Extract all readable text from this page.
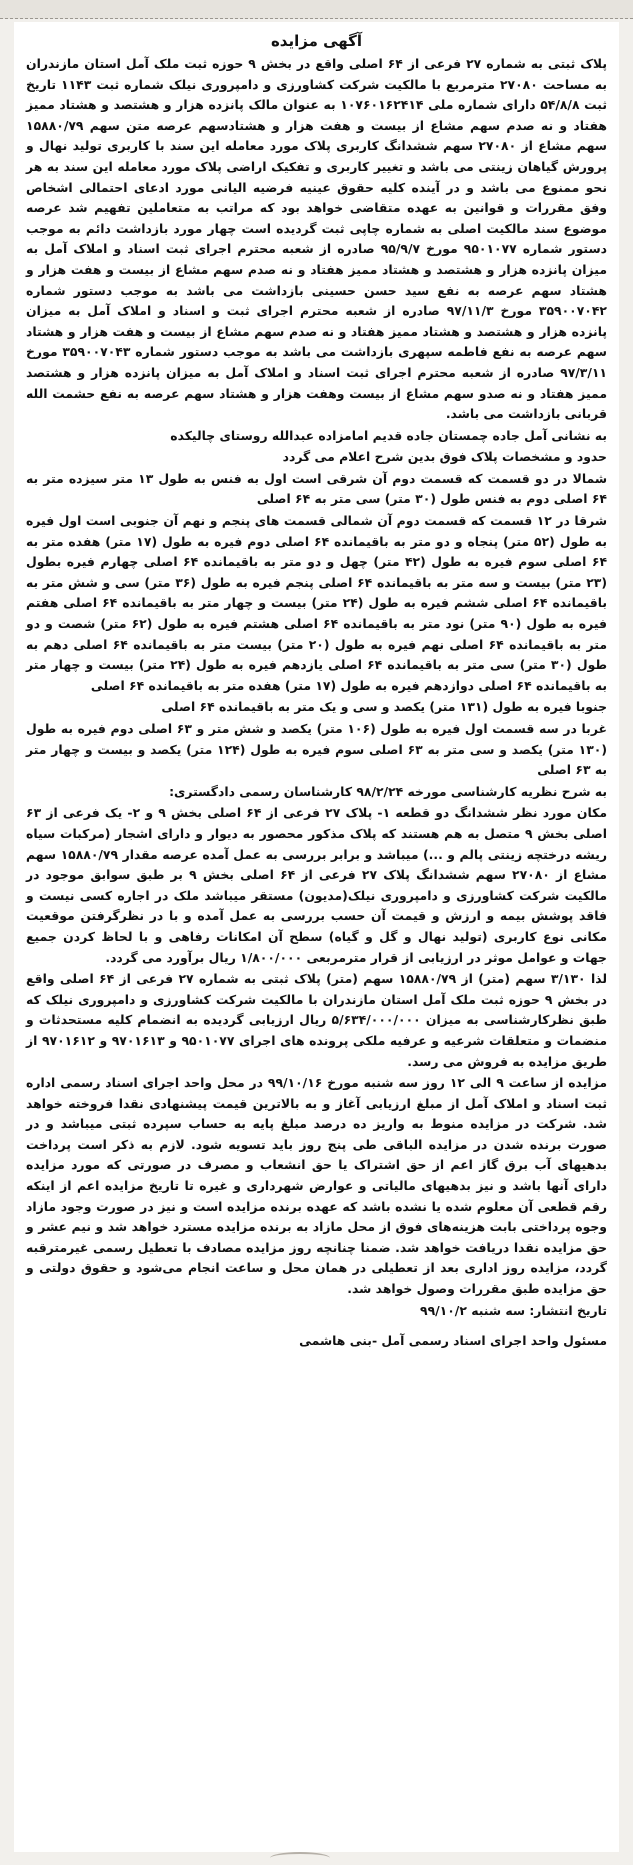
آگهی مزایده

پلاک ثبتی به شماره ۲۷ فرعی از ۶۴ اصلی واقع در بخش ۹ حوزه ثبت ملک آمل استان مازندران به مساحت ۲۷۰۸۰ مترمربع با مالکیت شرکت کشاورزی و دامپروری نیلک شماره ثبت ۱۱۴۳ تاریخ ثبت ۵۴/۸/۸ دارای شماره ملی ۱۰۷۶۰۱۶۲۴۱۴ به عنوان مالک پانزده هزار و هشتصد و هشتاد ممیز هفتاد و نه صدم سهم مشاع از بیست و هفت هزار و هشتادسهم عرصه متن سهم ۱۵۸۸۰/۷۹ سهم مشاع از ۲۷۰۸۰ سهم ششدانگ کاربری پلاک مورد معامله این سند با کاربری تولید نهال و پرورش گیاهان زینتی می باشد و تغییر کاربری و تفکیک اراضی پلاک مورد معامله این سند به هر نحو ممنوع می باشد و در آینده کلیه حقوق عینیه فرضیه الیانی مورد ادعای احتمالی اشخاص وفق مقررات و قوانین به عهده متقاضی خواهد بود که مراتب به متعاملین تفهیم شد عرصه موضوع سند مالکیت اصلی به شماره چاپی ثبت گردیده است چهار مورد بازداشت دائم به موجب دستور شماره ۹۵۰۱۰۷۷ مورخ ۹۵/۹/۷ صادره از شعبه محترم اجرای ثبت اسناد و املاک آمل به میزان پانزده هزار و هشتصد و هشتاد ممیز هفتاد و نه صدم سهم مشاع از بیست و هفت هزار و هشتاد سهم عرصه به نفع سید حسن حسینی بازداشت می باشد به موجب دستور شماره ۳۵۹۰۰۷۰۴۲ مورخ ۹۷/۱۱/۳ صادره از شعبه محترم اجرای ثبت و اسناد و املاک آمل به میزان پانزده هزار و هشتصد و هشتاد ممیز هفتاد و نه صدم سهم مشاع از بیست و هفت هزار و هشتاد سهم عرصه به نفع فاطمه سپهری بازداشت می باشد به موجب دستور شماره ۳۵۹۰۰۷۰۴۳ مورخ ۹۷/۳/۱۱ صادره از شعبه محترم اجرای ثبت اسناد و املاک آمل به میزان پانزده هزار و هشتصد ممیز هفتاد و نه صدو سهم مشاع از بیست وهفت هزار و هشتاد سهم عرصه به نفع حشمت الله قربانی بازداشت می باشد.

به نشانی آمل جاده چمستان جاده قدیم امامزاده عبدالله روستای چالیکده

حدود و مشخصات پلاک فوق بدین شرح اعلام می گردد

شمالا در دو قسمت که قسمت دوم آن شرقی است اول به فنس به طول ۱۳ متر سیزده متر به ۶۴ اصلی دوم به فنس طول (۳۰ متر) سی متر به ۶۴ اصلی

شرقا در ۱۲ قسمت که قسمت دوم آن شمالی قسمت های پنجم و نهم آن جنوبی است اول فیره به طول (۵۲ متر) پنجاه و دو متر به باقیمانده ۶۴ اصلی دوم فیره به طول (۱۷ متر) هفده متر به ۶۴ اصلی سوم فیره به طول (۴۲ متر) چهل و دو متر به باقیمانده ۶۴ اصلی چهارم فیره بطول (۲۳ متر) بیست و سه متر به باقیمانده ۶۴ اصلی پنجم فیره به طول (۳۶ متر) سی و شش متر به باقیمانده ۶۴ اصلی ششم فیره به طول (۲۴ متر) بیست و چهار متر به باقیمانده ۶۴ اصلی هفتم فیره به طول (۹۰ متر) نود متر به باقیمانده ۶۴ اصلی هشتم فیره به طول (۶۲ متر) شصت و دو متر به باقیمانده ۶۴ اصلی نهم فیره به طول (۲۰ متر) بیست متر به باقیمانده ۶۴ اصلی دهم به طول (۳۰ متر) سی متر به باقیمانده ۶۴ اصلی یازدهم فیره به طول (۲۴ متر) بیست و چهار متر به باقیمانده ۶۴ اصلی دوازدهم فیره به طول (۱۷ متر) هفده متر به باقیمانده ۶۴ اصلی

جنوبا فیره به طول (۱۳۱ متر) یکصد و سی و یک متر به باقیمانده ۶۴ اصلی

غربا در سه قسمت اول فیره به طول (۱۰۶ متر) یکصد و شش متر و ۶۳ اصلی دوم فیره به طول (۱۳۰ متر) یکصد و سی متر به ۶۳ اصلی سوم فیره به طول (۱۲۴ متر) یکصد و بیست و چهار متر به ۶۳ اصلی

به شرح نظریه کارشناسی مورخه ۹۸/۲/۲۴ کارشناسان رسمی دادگستری:

مکان مورد نظر ششدانگ دو قطعه ۱- پلاک ۲۷ فرعی از ۶۴ اصلی بخش ۹ و ۲- یک فرعی از ۶۳ اصلی بخش ۹ متصل به هم هستند که پلاک مذکور محصور به دیوار و دارای اشجار (مرکبات سیاه ریشه درختچه زینتی پالم و ...) میباشد و برابر بررسی به عمل آمده عرصه مقدار ۱۵۸۸۰/۷۹ سهم مشاع از ۲۷۰۸۰ سهم ششدانگ پلاک ۲۷ فرعی از ۶۴ اصلی بخش ۹ بر طبق سوابق موجود در مالکیت شرکت کشاورزی و دامپروری نیلک(مدیون) مستقر میباشد ملک در اجاره کسی نیست و فاقد پوشش بیمه و ارزش و قیمت آن حسب بررسی به عمل آمده و با در نظرگرفتن موقعیت مکانی نوع کاربری (تولید نهال و گل و گیاه) سطح آن امکانات رفاهی و با لحاظ کردن جمیع جهات و عوامل موثر در ارزیابی از قرار مترمربعی ۱/۸۰۰/۰۰۰ ریال برآورد می گردد.

لذا ۳/۱۳۰ سهم (متر) از ۱۵۸۸۰/۷۹ سهم (متر) پلاک ثبتی به شماره ۲۷ فرعی از ۶۴ اصلی واقع در بخش ۹ حوزه ثبت ملک آمل استان مازندران با مالکیت شرکت کشاورزی و دامپروری نیلک که طبق نظرکارشناسی به میزان ۵/۶۳۴/۰۰۰/۰۰۰ ریال ارزیابی گردیده به انضمام کلیه مستحدثات و منضمات و متعلقات شرعیه و عرفیه ملکی پرونده های اجرای ۹۵۰۱۰۷۷ و ۹۷۰۱۶۱۳ و ۹۷۰۱۶۱۲ از طریق مزایده به فروش می رسد.

مزایده از ساعت ۹ الی ۱۲ روز سه شنبه مورخ ۹۹/۱۰/۱۶ در محل واحد اجرای اسناد رسمی اداره ثبت اسناد و املاک آمل از مبلغ ارزیابی آغاز و به بالاترین قیمت پیشنهادی نقدا فروخته خواهد شد. شرکت در مزایده منوط به واریز ده درصد مبلغ پایه به حساب سپرده ثبتی میباشد و در صورت برنده شدن در مزایده الباقی طی پنج روز باید تسویه شود. لازم به ذکر است پرداخت بدهیهای آب برق گاز اعم از حق اشتراک یا حق انشعاب و مصرف در صورتی که مورد مزایده دارای آنها باشد و نیز بدهیهای مالیاتی و عوارض شهرداری و غیره تا تاریخ مزایده اعم از اینکه رقم قطعی آن معلوم شده یا نشده باشد که عهده برنده مزایده است و نیز در صورت وجود مازاد وجوه پرداختی بابت هزینه‌های فوق از محل مازاد به برنده مزایده مسترد خواهد شد و نیم عشر و حق مزایده نقدا دریافت خواهد شد. ضمنا چنانچه روز مزایده مصادف با تعطیل رسمی غیرمترقبه گردد، مزایده روز اداری بعد از تعطیلی در همان محل و ساعت انجام می‌شود و حقوق دولتی و حق مزایده طبق مقررات وصول خواهد شد.

تاریخ انتشار: سه شنبه ۹۹/۱۰/۲

مسئول واحد اجرای اسناد رسمی آمل -بنی هاشمی
